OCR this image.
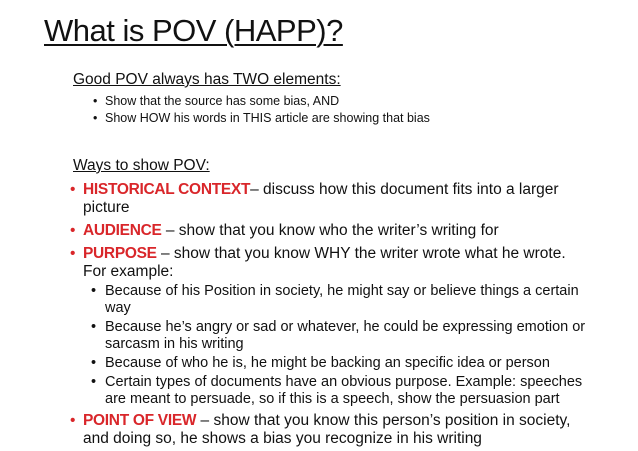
What is POV (HAPP)?
Good POV always has TWO elements:
• Show that the source has some bias, AND
• Show HOW his words in THIS article are showing that bias
Ways to show POV:
• HISTORICAL CONTEXT– discuss how this document fits into a larger picture
• AUDIENCE – show that you know who the writer’s writing for
• PURPOSE – show that you know WHY the writer wrote what he wrote. For example:
• Because of his Position in society, he might say or believe things a certain way
• Because he’s angry or sad or whatever, he could be expressing emotion or sarcasm in his writing
• Because of who he is, he might be backing an specific idea or person
• Certain types of documents have an obvious purpose. Example: speeches are meant to persuade, so if this is a speech, show the persuasion part
• POINT OF VIEW – show that you know this person’s position in society, and doing so, he shows a bias you recognize in his writing
